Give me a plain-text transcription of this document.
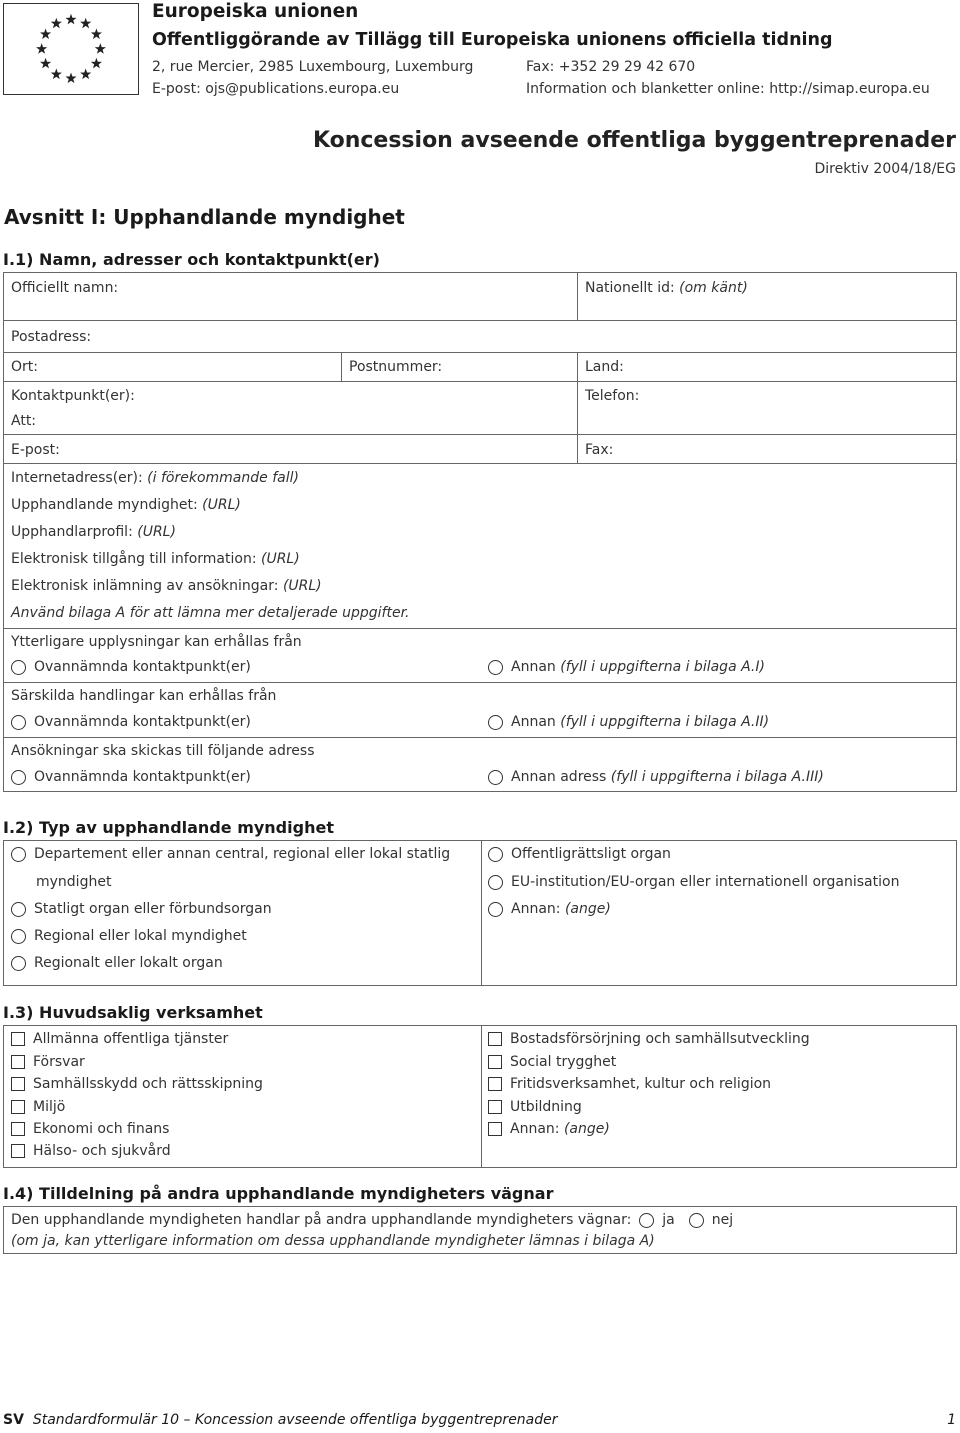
Europeiska unionen
Offentliggörande av Tillägg till Europeiska unionens officiella tidning
2, rue Mercier, 2985 Luxembourg, Luxemburg	Fax: +352 29 29 42 670
E-post: ojs@publications.europa.eu	Information och blanketter online: http://simap.europa.eu
Koncession avseende offentliga byggentreprenader
Direktiv 2004/18/EG
Avsnitt I: Upphandlande myndighet
I.1) Namn, adresser och kontaktpunkt(er)
Officiellt namn:	Nationellt id: (om känt)
Postadress:
Ort:	Postnummer:	Land:
Kontaktpunkt(er):	Telefon:
Att:
E-post:	Fax:
Internetadress(er): (i förekommande fall)
Upphandlande myndighet: (URL)
Upphandlarprofil: (URL)
Elektronisk tillgång till information: (URL)
Elektronisk inlämning av ansökningar: (URL)
Använd bilaga A för att lämna mer detaljerade uppgifter.
Ytterligare upplysningar kan erhållas från
Ovannämnda kontaktpunkt(er)	Annan (fyll i uppgifterna i bilaga A.I)
Särskilda handlingar kan erhållas från
Ovannämnda kontaktpunkt(er)	Annan (fyll i uppgifterna i bilaga A.II)
Ansökningar ska skickas till följande adress
Ovannämnda kontaktpunkt(er)	Annan adress (fyll i uppgifterna i bilaga A.III)
I.2) Typ av upphandlande myndighet
Departement eller annan central, regional eller lokal statlig
myndighet
Statligt organ eller förbundsorgan
Regional eller lokal myndighet
Regionalt eller lokalt organ
Offentligrättsligt organ
EU-institution/EU-organ eller internationell organisation
Annan: (ange)
I.3) Huvudsaklig verksamhet
Allmänna offentliga tjänster
Försvar
Samhällsskydd och rättsskipning
Miljö
Ekonomi och finans
Hälso- och sjukvård
Bostadsförsörjning och samhällsutveckling
Social trygghet
Fritidsverksamhet, kultur och religion
Utbildning
Annan: (ange)
I.4) Tilldelning på andra upphandlande myndigheters vägnar
Den upphandlande myndigheten handlar på andra upphandlande myndigheters vägnar: ja	nej
(om ja, kan ytterligare information om dessa upphandlande myndigheter lämnas i bilaga A)
SV Standardformulär 10 – Koncession avseende offentliga byggentreprenader	1
